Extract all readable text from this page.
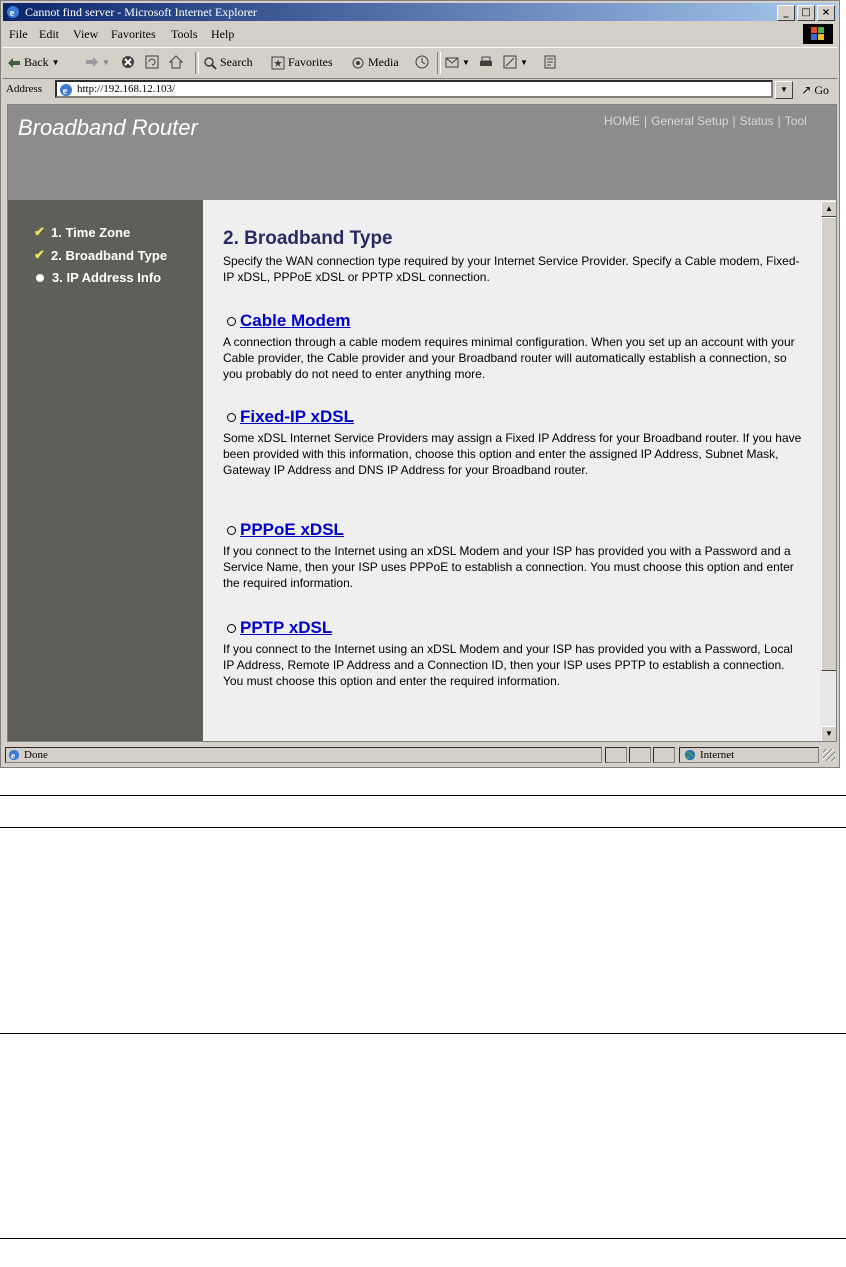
e Cannot find server - Microsoft Internet Explorer	_	□	×
File Edit View Favorites Tools Help
Back ▼	▼	Search	Favorites	Media	▼	▼
Address e http://192.168.12.103/	▼	↗ Go
Broadband Router	HOME | General Setup | Status | Tool
✔ 1. Time Zone
✔ 2. Broadband Type
3. IP Address Info
2. Broadband Type
Specify the WAN connection type required by your Internet Service Provider. Specify a Cable modem, Fixed-IP xDSL, PPPoE xDSL or PPTP xDSL connection.
Cable Modem
A connection through a cable modem requires minimal configuration. When you set up an account with your Cable provider, the Cable provider and your Broadband router will automatically establish a connection, so you probably do not need to enter anything more.
Fixed-IP xDSL
Some xDSL Internet Service Providers may assign a Fixed IP Address for your Broadband router. If you have been provided with this information, choose this option and enter the assigned IP Address, Subnet Mask, Gateway IP Address and DNS IP Address for your Broadband router.
PPPoE xDSL
If you connect to the Internet using an xDSL Modem and your ISP has provided you with a Password and a Service Name, then your ISP uses PPPoE to establish a connection. You must choose this option and enter the required information.
PPTP xDSL
If you connect to the Internet using an xDSL Modem and your ISP has provided you with a Password, Local IP Address, Remote IP Address and a Connection ID, then your ISP uses PPTP to establish a connection. You must choose this option and enter the required information.
▲
▼
e Done	Internet
